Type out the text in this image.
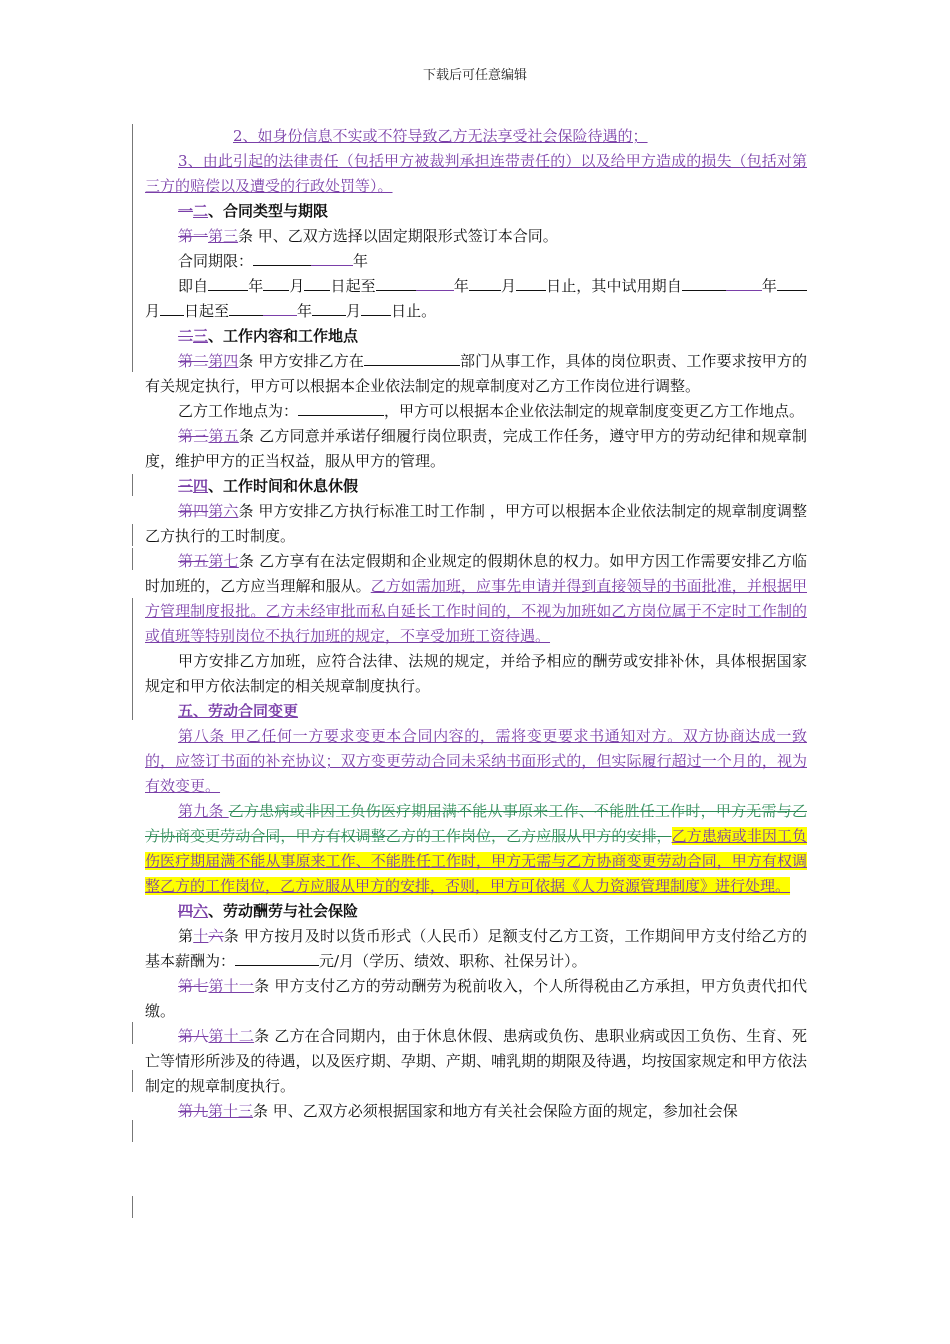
下载后可任意编辑

2、如身份信息不实或不符导致乙方无法享受社会保险待遇的；

3、由此引起的法律责任（包括甲方被裁判承担连带责任的）以及给甲方造成的损失（包括对第三方的赔偿以及遭受的行政处罚等）。

一二、合同类型与期限

第一第三条 甲、乙双方选择以固定期限形式签订本合同。

合同期限：	年

即自	年 月 日起至	年 月 日止，其中试用期自	年月 日起至	年 月 日止。

二三、工作内容和工作地点

第二第四条 甲方安排乙方在	部门从事工作，具体的岗位职责、工作要求按甲方的有关规定执行，甲方可以根据本企业依法制定的规章制度对乙方工作岗位进行调整。

乙方工作地点为：	，甲方可以根据本企业依法制定的规章制度变更乙方工作地点。

第三第五条 乙方同意并承诺仔细履行岗位职责，完成工作任务，遵守甲方的劳动纪律和规章制度，维护甲方的正当权益，服从甲方的管理。

三四、工作时间和休息休假

第四第六条 甲方安排乙方执行标准工时工作制 ，甲方可以根据本企业依法制定的规章制度调整乙方执行的工时制度。

第五第七条 乙方享有在法定假期和企业规定的假期休息的权力。如甲方因工作需要安排乙方临时加班的，乙方应当理解和服从。乙方如需加班，应事先申请并得到直接领导的书面批准，并根据甲方管理制度报批。乙方未经审批而私自延长工作时间的，不视为加班如乙方岗位属于不定时工作制的或值班等特别岗位不执行加班的规定，不享受加班工资待遇。

甲方安排乙方加班，应符合法律、法规的规定，并给予相应的酬劳或安排补休，具体根据国家规定和甲方依法制定的相关规章制度执行。

五、劳动合同变更

第八条 甲乙任何一方要求变更本合同内容的，需将变更要求书通知对方。双方协商达成一致的，应签订书面的补充协议；双方变更劳动合同未采纳书面形式的，但实际履行超过一个月的，视为有效变更。

第九条 乙方患病或非因工负伤医疗期届满不能从事原来工作、不能胜任工作时，甲方无需与乙方协商变更劳动合同，甲方有权调整乙方的工作岗位，乙方应服从甲方的安排，乙方患病或非因工负伤医疗期届满不能从事原来工作、不能胜任工作时，甲方无需与乙方协商变更劳动合同，甲方有权调整乙方的工作岗位，乙方应服从甲方的安排，否则，甲方可依据《人力资源管理制度》进行处理。

四六、劳动酬劳与社会保险

第十六条 甲方按月及时以货币形式（人民币）足额支付乙方工资，工作期间甲方支付给乙方的基本薪酬为：	元/月（学历、绩效、职称、社保另计）。

第七第十一条 甲方支付乙方的劳动酬劳为税前收入，个人所得税由乙方承担，甲方负责代扣代缴。

第八第十二条 乙方在合同期内，由于休息休假、患病或负伤、患职业病或因工负伤、生育、死亡等情形所涉及的待遇，以及医疗期、孕期、产期、哺乳期的期限及待遇，均按国家规定和甲方依法制定的规章制度执行。

第九第十三条 甲、乙双方必须根据国家和地方有关社会保险方面的规定，参加社会保
